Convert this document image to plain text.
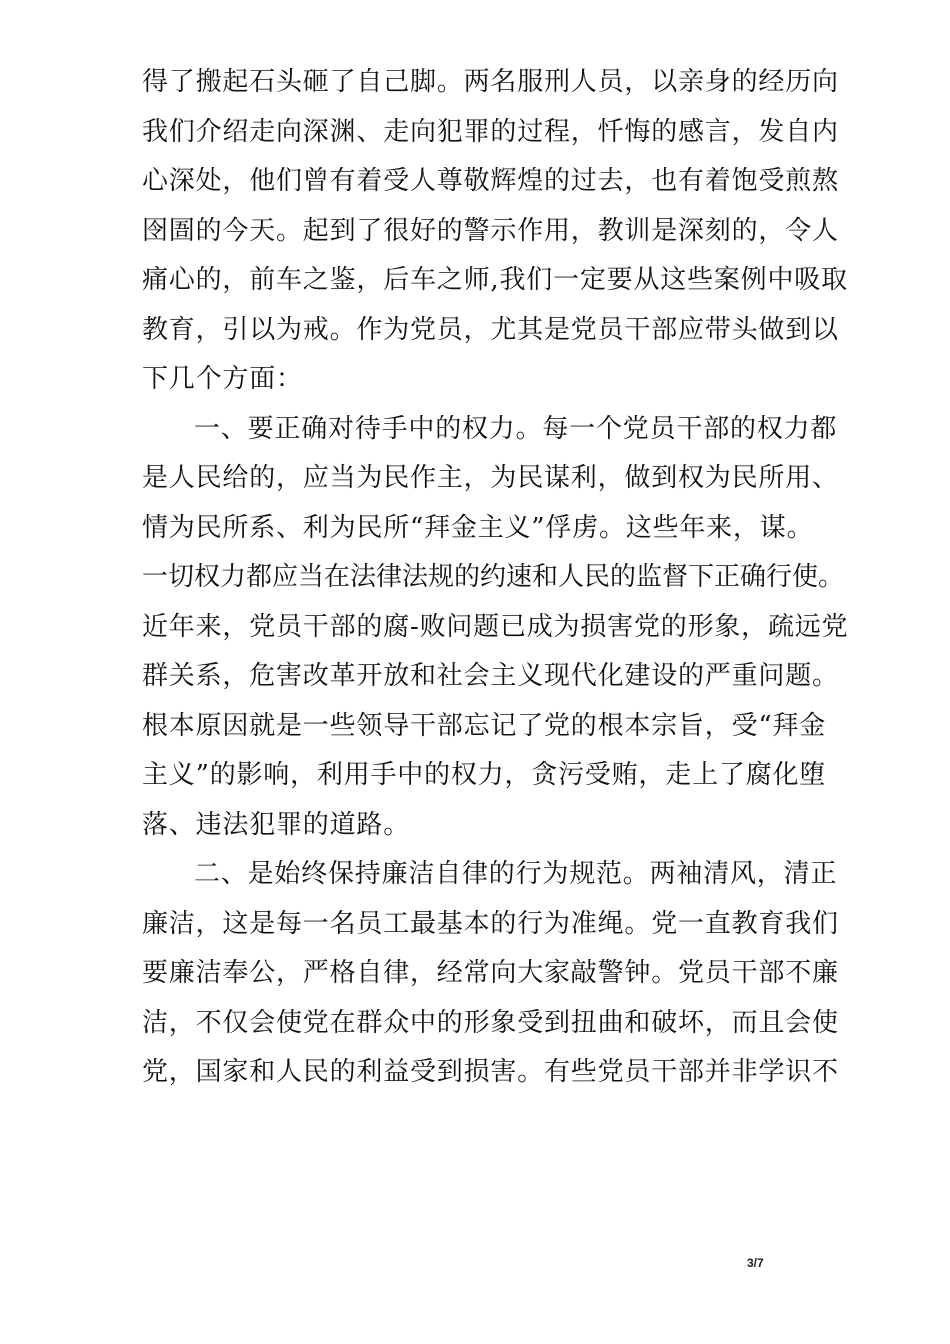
得了搬起石头砸了自己脚。两名服刑人员，以亲身的经历向
我们介绍走向深渊、走向犯罪的过程，忏悔的感言，发自内
心深处，他们曾有着受人尊敬辉煌的过去，也有着饱受煎熬
囹圄的今天。起到了很好的警示作用，教训是深刻的，令人
痛心的，前车之鉴，后车之师,我们一定要从这些案例中吸取
教育，引以为戒。作为党员，尤其是党员干部应带头做到以
下几个方面：
一、要正确对待手中的权力。每一个党员干部的权力都
是人民给的，应当为民作主，为民谋利，做到权为民所用、
情为民所系、利为民所“拜金主义”俘虏。这些年来，谋。
一切权力都应当在法律法规的约速和人民的监督下正确行使。
近年来，党员干部的腐-败问题已成为损害党的形象，疏远党
群关系，危害改革开放和社会主义现代化建设的严重问题。
根本原因就是一些领导干部忘记了党的根本宗旨，受“拜金
主义”的影响，利用手中的权力，贪污受贿，走上了腐化堕
落、违法犯罪的道路。
二、是始终保持廉洁自律的行为规范。两袖清风，清正
廉洁，这是每一名员工最基本的行为准绳。党一直教育我们
要廉洁奉公，严格自律，经常向大家敲警钟。党员干部不廉
洁，不仅会使党在群众中的形象受到扭曲和破坏，而且会使
党，国家和人民的利益受到损害。有些党员干部并非学识不
3/7
